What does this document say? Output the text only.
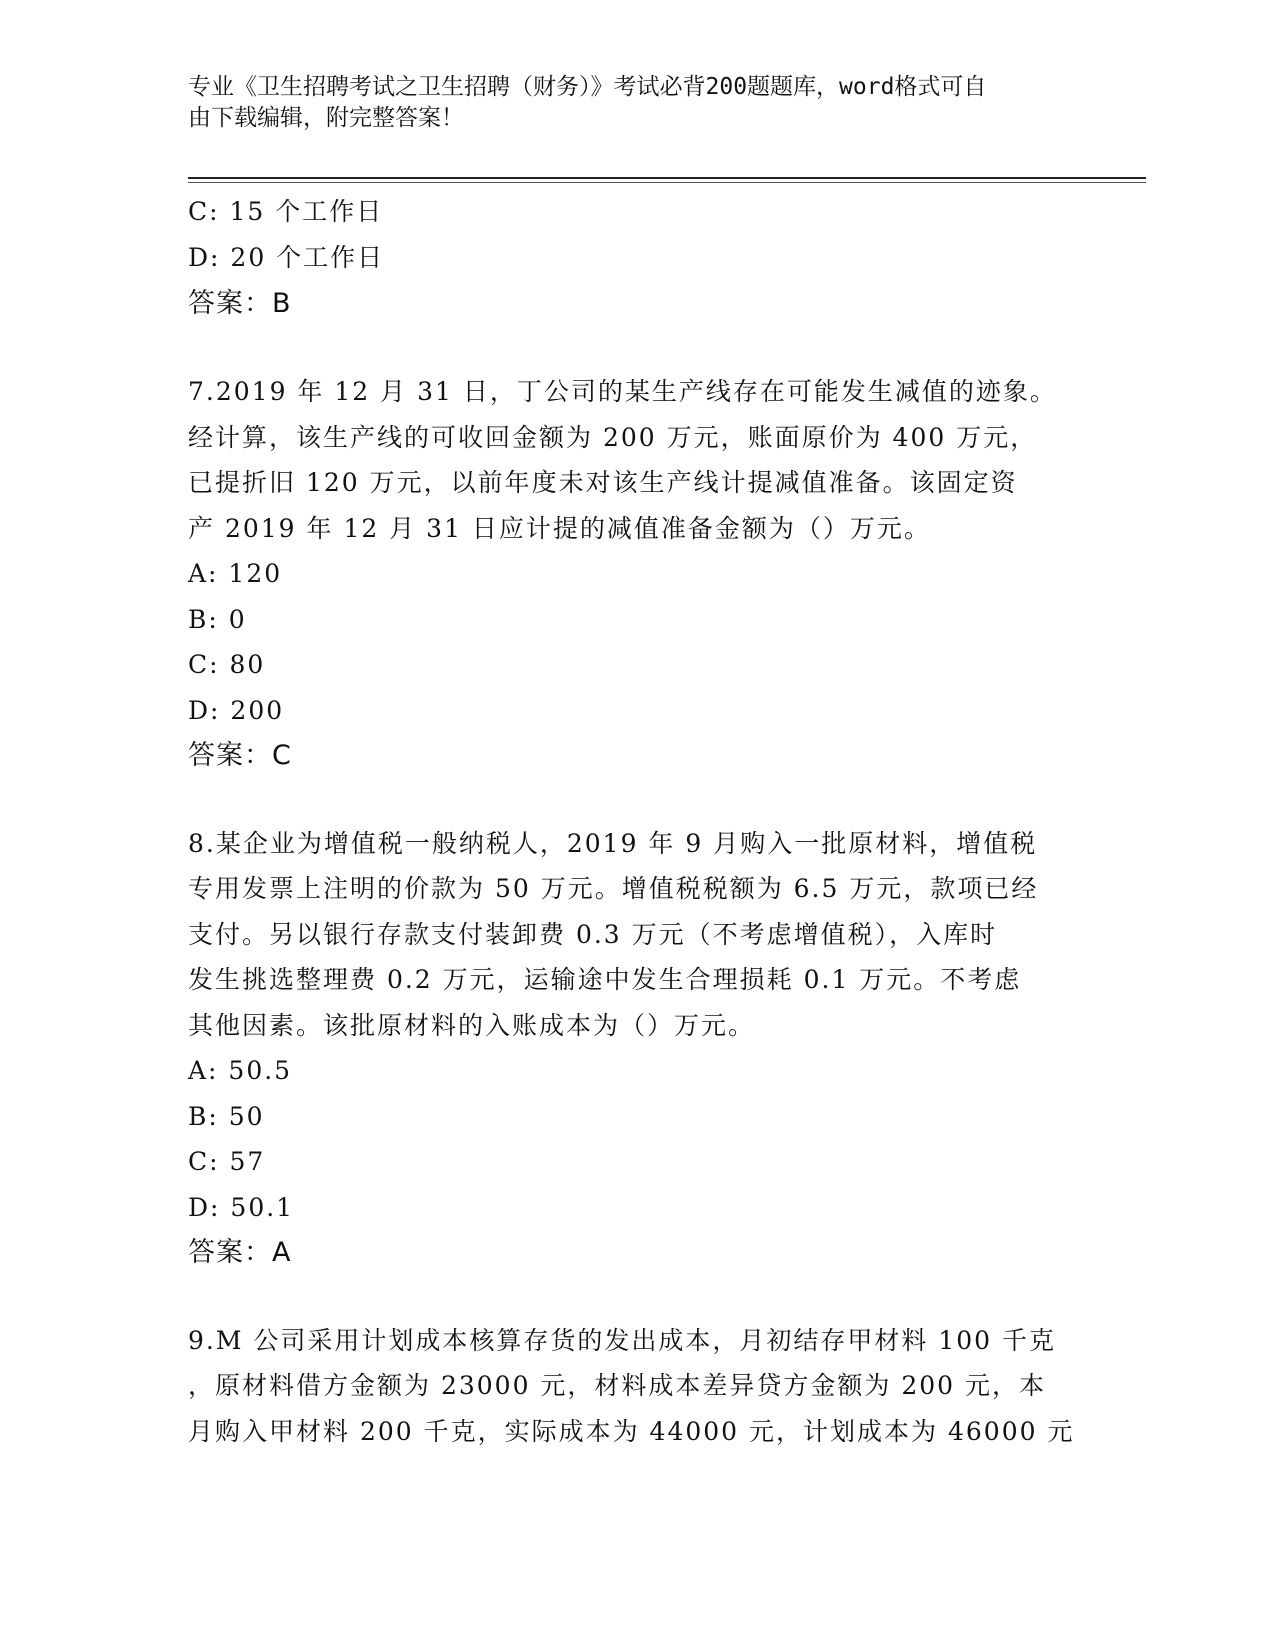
专业《卫生招聘考试之卫生招聘（财务）》考试必背200题题库，word格式可自
由下载编辑，附完整答案！
C: 15 个工作日
D: 20 个工作日
答案：B
7.2019 年 12 月 31 日，丁公司的某生产线存在可能发生减值的迹象。
经计算，该生产线的可收回金额为 200 万元，账面原价为 400 万元，
已提折旧 120 万元，以前年度未对该生产线计提减值准备。该固定资
产 2019 年 12 月 31 日应计提的减值准备金额为（）万元。
A: 120
B: 0
C: 80
D: 200
答案：C
8.某企业为增值税一般纳税人，2019 年 9 月购入一批原材料，增值税
专用发票上注明的价款为 50 万元。增值税税额为 6.5 万元，款项已经
支付。另以银行存款支付装卸费 0.3 万元（不考虑增值税），入库时
发生挑选整理费 0.2 万元，运输途中发生合理损耗 0.1 万元。不考虑
其他因素。该批原材料的入账成本为（）万元。
A: 50.5
B: 50
C: 57
D: 50.1
答案：A
9.M 公司采用计划成本核算存货的发出成本，月初结存甲材料 100 千克
，原材料借方金额为 23000 元，材料成本差异贷方金额为 200 元，本
月购入甲材料 200 千克，实际成本为 44000 元，计划成本为 46000 元
